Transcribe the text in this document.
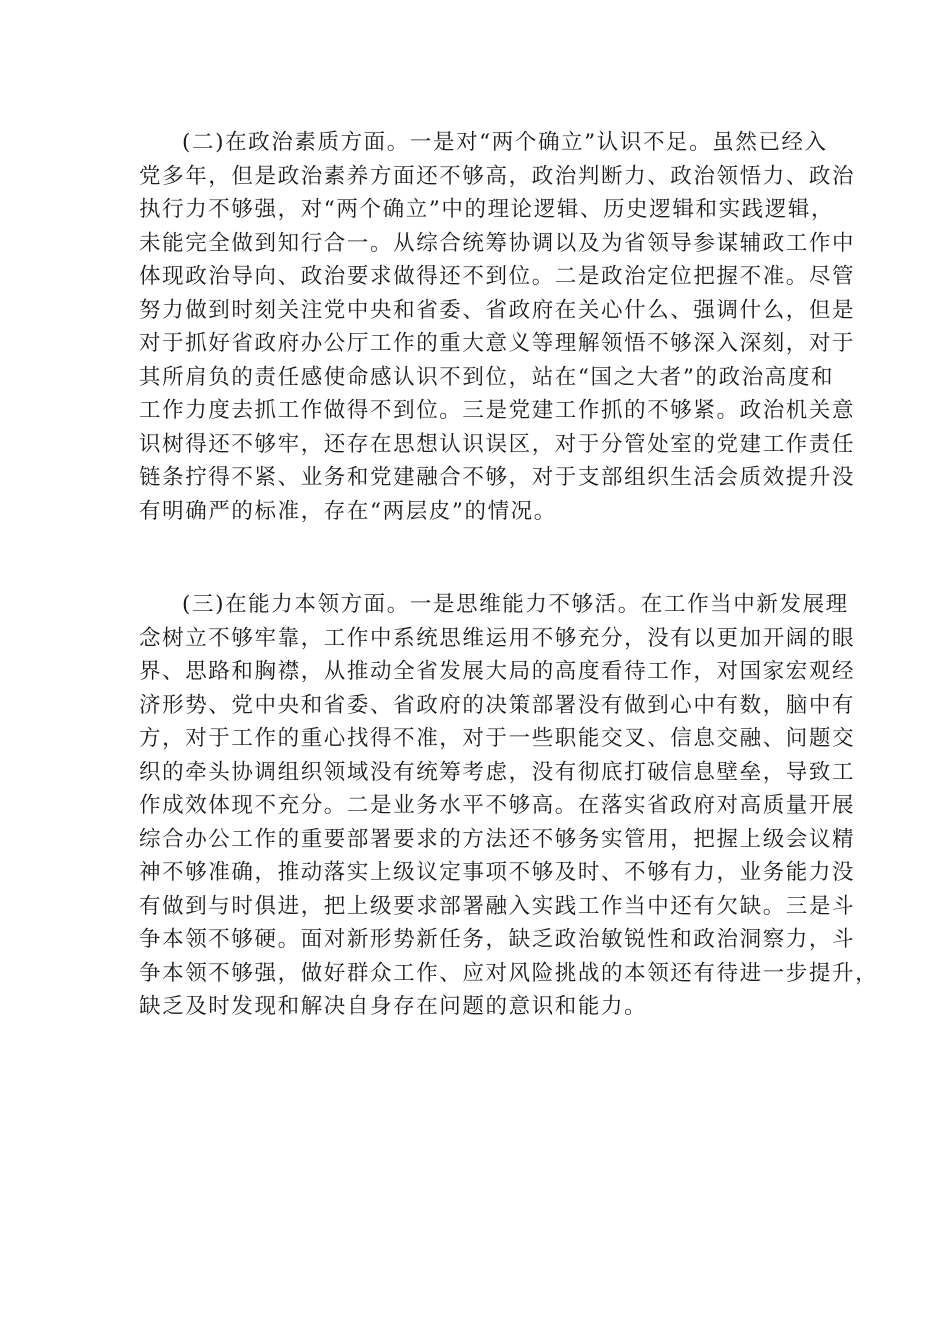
(二)在政治素质方面。一是对“两个确立”认识不足。虽然已经入
党多年，但是政治素养方面还不够高，政治判断力、政治领悟力、政治
执行力不够强，对“两个确立”中的理论逻辑、历史逻辑和实践逻辑，
未能完全做到知行合一。从综合统筹协调以及为省领导参谋辅政工作中
体现政治导向、政治要求做得还不到位。二是政治定位把握不准。尽管
努力做到时刻关注党中央和省委、省政府在关心什么、强调什么，但是
对于抓好省政府办公厅工作的重大意义等理解领悟不够深入深刻，对于
其所肩负的责任感使命感认识不到位，站在“国之大者”的政治高度和
工作力度去抓工作做得不到位。三是党建工作抓的不够紧。政治机关意
识树得还不够牢，还存在思想认识误区，对于分管处室的党建工作责任
链条拧得不紧、业务和党建融合不够，对于支部组织生活会质效提升没
有明确严的标准，存在“两层皮”的情况。
(三)在能力本领方面。一是思维能力不够活。在工作当中新发展理
念树立不够牢靠，工作中系统思维运用不够充分，没有以更加开阔的眼
界、思路和胸襟，从推动全省发展大局的高度看待工作，对国家宏观经
济形势、党中央和省委、省政府的决策部署没有做到心中有数，脑中有
方，对于工作的重心找得不准，对于一些职能交叉、信息交融、问题交
织的牵头协调组织领域没有统筹考虑，没有彻底打破信息壁垒，导致工
作成效体现不充分。二是业务水平不够高。在落实省政府对高质量开展
综合办公工作的重要部署要求的方法还不够务实管用，把握上级会议精
神不够准确，推动落实上级议定事项不够及时、不够有力，业务能力没
有做到与时俱进，把上级要求部署融入实践工作当中还有欠缺。三是斗
争本领不够硬。面对新形势新任务，缺乏政治敏锐性和政治洞察力，斗
争本领不够强，做好群众工作、应对风险挑战的本领还有待进一步提升，
缺乏及时发现和解决自身存在问题的意识和能力。
